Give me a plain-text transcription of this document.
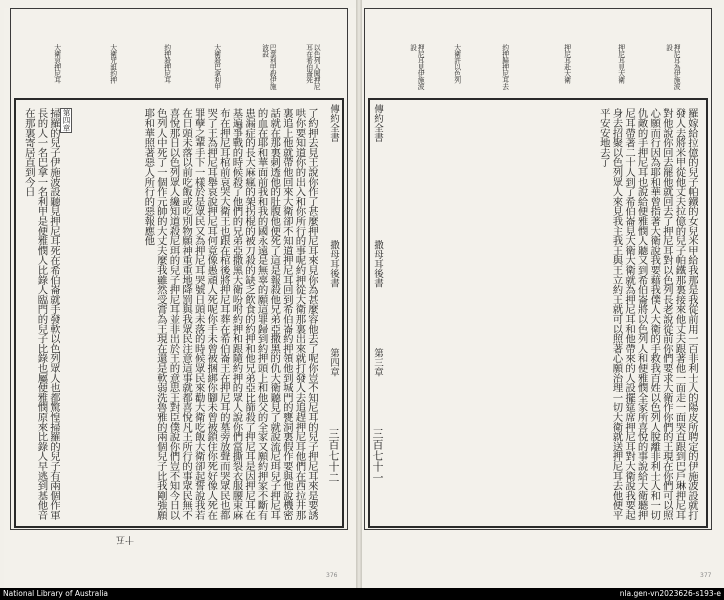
以色列人聞押尼耳在希伯崙死
巴拿利甲殺伊施波設
大衛殺巴拿利甲
約押殺押尼耳
大衛咒詛約押
大衛哀押尼耳
傳約全書
撒母耳後書
第四章
三百七十二
了約押去見王說你作了甚麼押尼耳來見你為甚麼容他去了呢你豈不知尼耳的兒子押尼耳來是要誘哄你要知道你的出入和你所行的事呢約押從大衛那裏出來就打發人去追趕押尼耳他們在西拉井那裏追上他就帶他回來大衛卻不知道押尼耳回到希伯崙約押領他到城門的甕洞裏假作要與他說機密話就在那裏刺透他的肚腹他便死了這是報殺他兄弟亞撒黑的仇大衛聽見了就說流尼珥兒子押尼耳的血在耶和華面前我和我的國永遠是無辜的願這罪歸到約押頭上和他父的全家又願約押家不斷有患漏症的長大麻瘋的架拐棍的被刀殺的缺乏飲食的約押和他兄弟亞比篩殺了押尼耳是因押尼耳在基遍爭戰的時候殺了他們的兄弟亞撒黑大衛吩咐約押和跟隨約押的眾人說你們當撕裂衣服腰束麻布在押尼耳棺前哀哭大衛王也跟在棺後將押尼耳葬在希伯崙王在押尼耳的墓旁放聲而哭眾民也都哭了王為押尼耳舉哀說押尼耳何竟像愚頑人死呢你手未曾被捆綁你腳未曾被鎖住你死好像人死在罪孽之輩手下一樣於是眾民又為押尼耳哭號日頭未落的時候眾民來勸大衛吃飯大衛卻起誓說我若在日頭未落以前吃飯或吃別物願神重重地降罰與我眾民注意這事就都喜悅凡王所行的事眾民無不喜悅那日以色列眾人纔知道殺尼珥的兒子押尼耳並非出於王的意思王對臣僕說你們豈不知今日以色列人中死了一個作元帥的大丈夫麼我雖然受膏為王現在還是軟弱洗魯雅的兩個兒子比我剛強願耶和華照著惡人所行的惡報應他
第四章
掃羅的兒子伊施波設聽見押尼耳死在希伯崙就手發軟以色列眾人也都驚惶掃羅的兒子有兩個作軍長的人一名巴拿一名利甲是便雅憫人比錄人臨門的兒子比錄也屬便雅憫原來比錄人早逃到基他音在那裏寄居直到今日
十五
376
押尼耳為伊施波設
押尼耳見大衛
押尼耳赴大衛
約押歸押尼耳去
大衛許以色列
押尼耳見伊施波設
傳約全書
撒母耳後書
第三章
三百七十一	羅嫁給拉億的兒子帕鐵的女兒米甲給我那是我從前用一百非利士人的陽皮所聘定的伊施波設就打發人去將米甲從他丈夫拉億的兒子帕鐵那裏接來他丈夫跟著他一面走一面哭直跟到巴戶琳押尼耳對他說你回去罷他就回去了押尼耳對以色列長老說從前你們要求大衛作你們的王現在你們可以照心願而行因為耶和華曾指著大衛說我要藉我僕人大衛的手救我百姓以色列人脫離非利士人和一切仇敵的手押尼耳也說給便雅憫人聽又到希伯崙將以色列人和便雅憫全家所喜悅的事說給大衛聽押尼耳帶著二十人到了希伯崙見大衛大衛就為押尼耳和他帶來的人設擺筵席押尼耳對大衛說我要起身去招聚以色列眾人來見我主我王與王立約王就可以照著心願治理一切大衛就送押尼耳去他便平平安安地去了
377
National Library of Australia	nla.gen-vn2023626-s193-e
